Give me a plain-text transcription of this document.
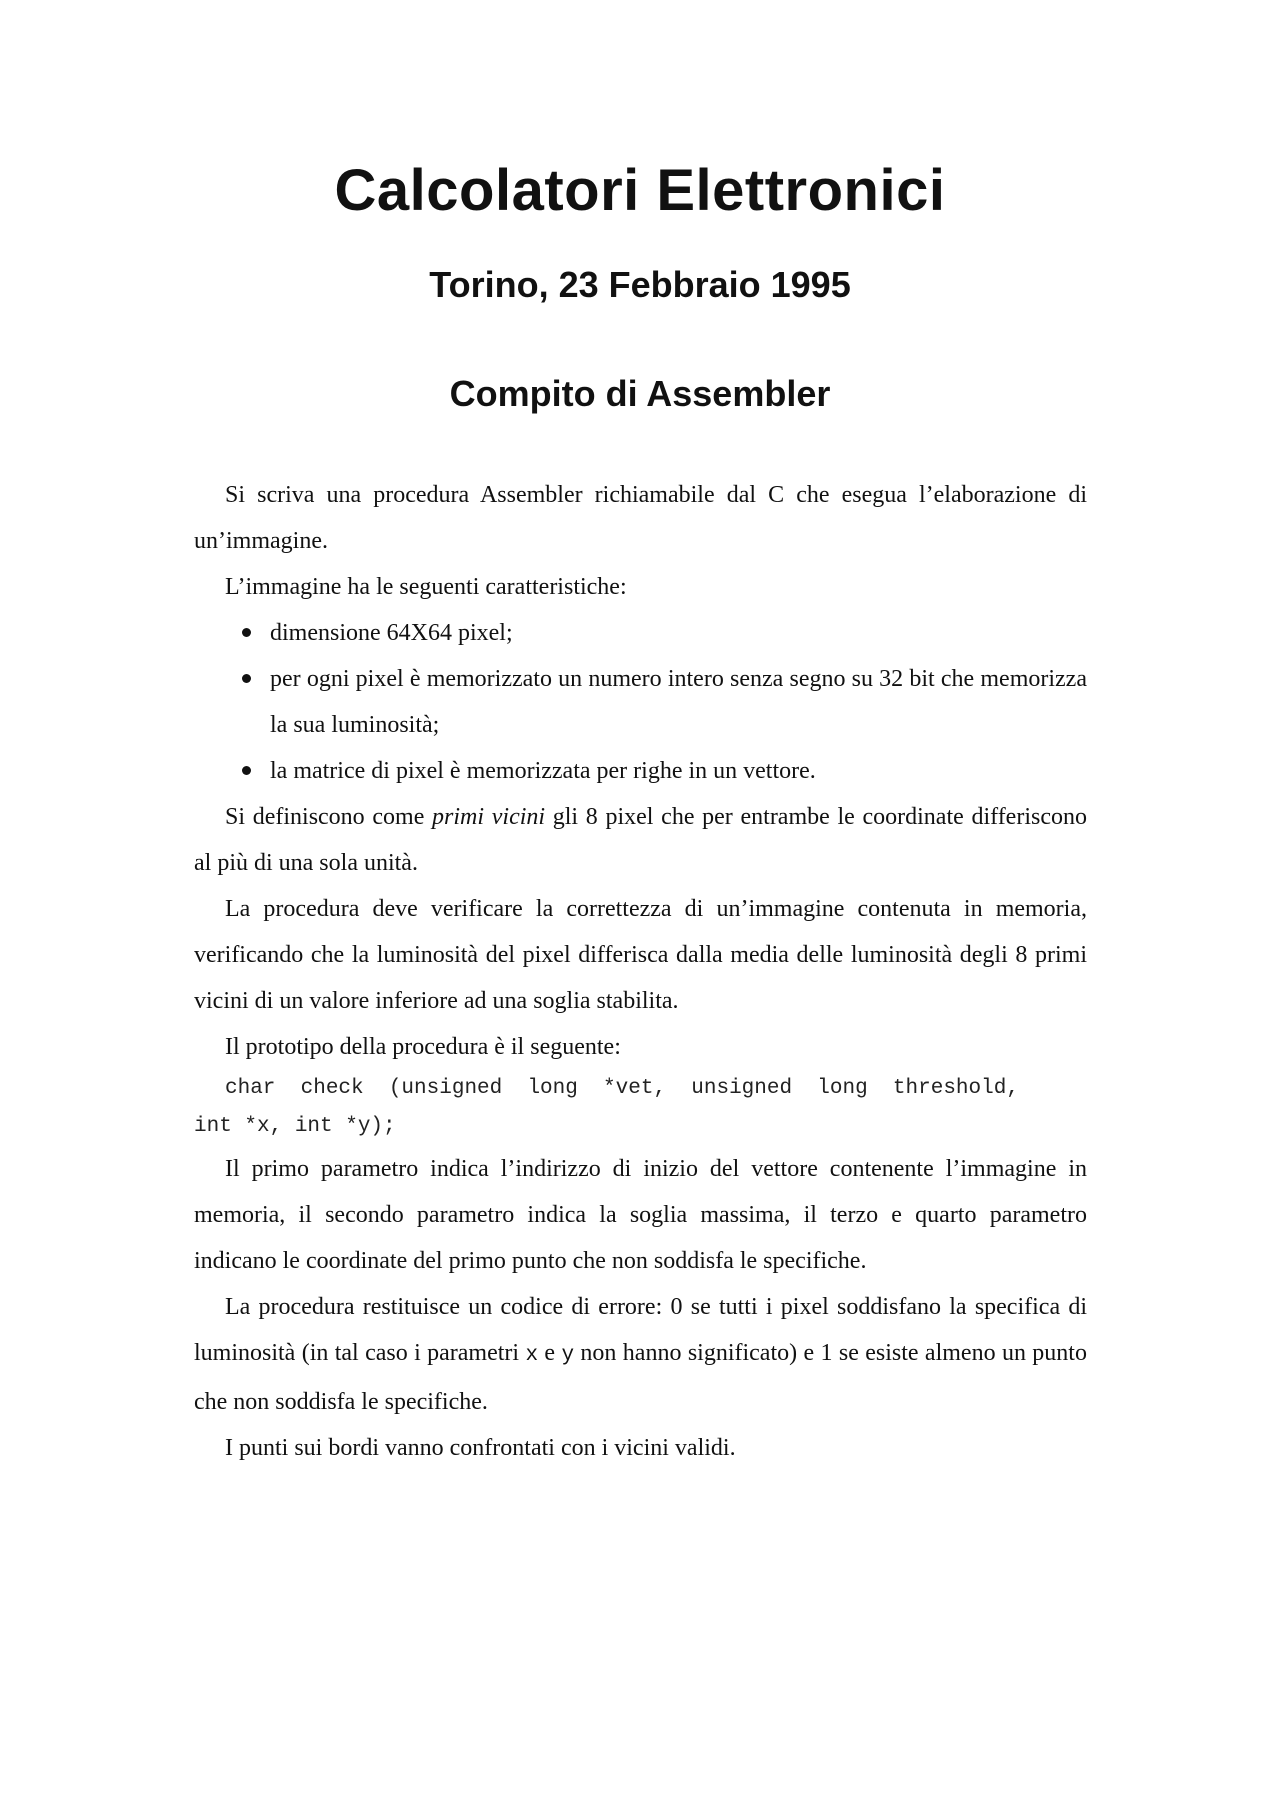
Calcolatori Elettronici
Torino, 23 Febbraio 1995
Compito di Assembler

Si scriva una procedura Assembler richiamabile dal C che esegua l’elaborazione di un’immagine.

L’immagine ha le seguenti caratteristiche:

dimensione 64X64 pixel;
per ogni pixel è memorizzato un numero intero senza segno su 32 bit che memorizza la sua luminosità;
la matrice di pixel è memorizzata per righe in un vettore.

Si definiscono come primi vicini gli 8 pixel che per entrambe le coordinate differiscono al più di una sola unità.

La procedura deve verificare la correttezza di un’immagine contenuta in memoria, verificando che la luminosità del pixel differisca dalla media delle luminosità degli 8 primi vicini di un valore inferiore ad una soglia stabilita.

Il prototipo della procedura è il seguente:

char  check  (unsigned  long  *vet,  unsigned  long  threshold,
int *x, int *y);

Il primo parametro indica l’indirizzo di inizio del vettore contenente l’immagine in memoria, il secondo parametro indica la soglia massima, il terzo e quarto parametro indicano le coordinate del primo punto che non soddisfa le specifiche.

La procedura restituisce un codice di errore: 0 se tutti i pixel soddisfano la specifica di luminosità (in tal caso i parametri x e y non hanno significato) e 1 se esiste almeno un punto che non soddisfa le specifiche.

I punti sui bordi vanno confrontati con i vicini validi.
